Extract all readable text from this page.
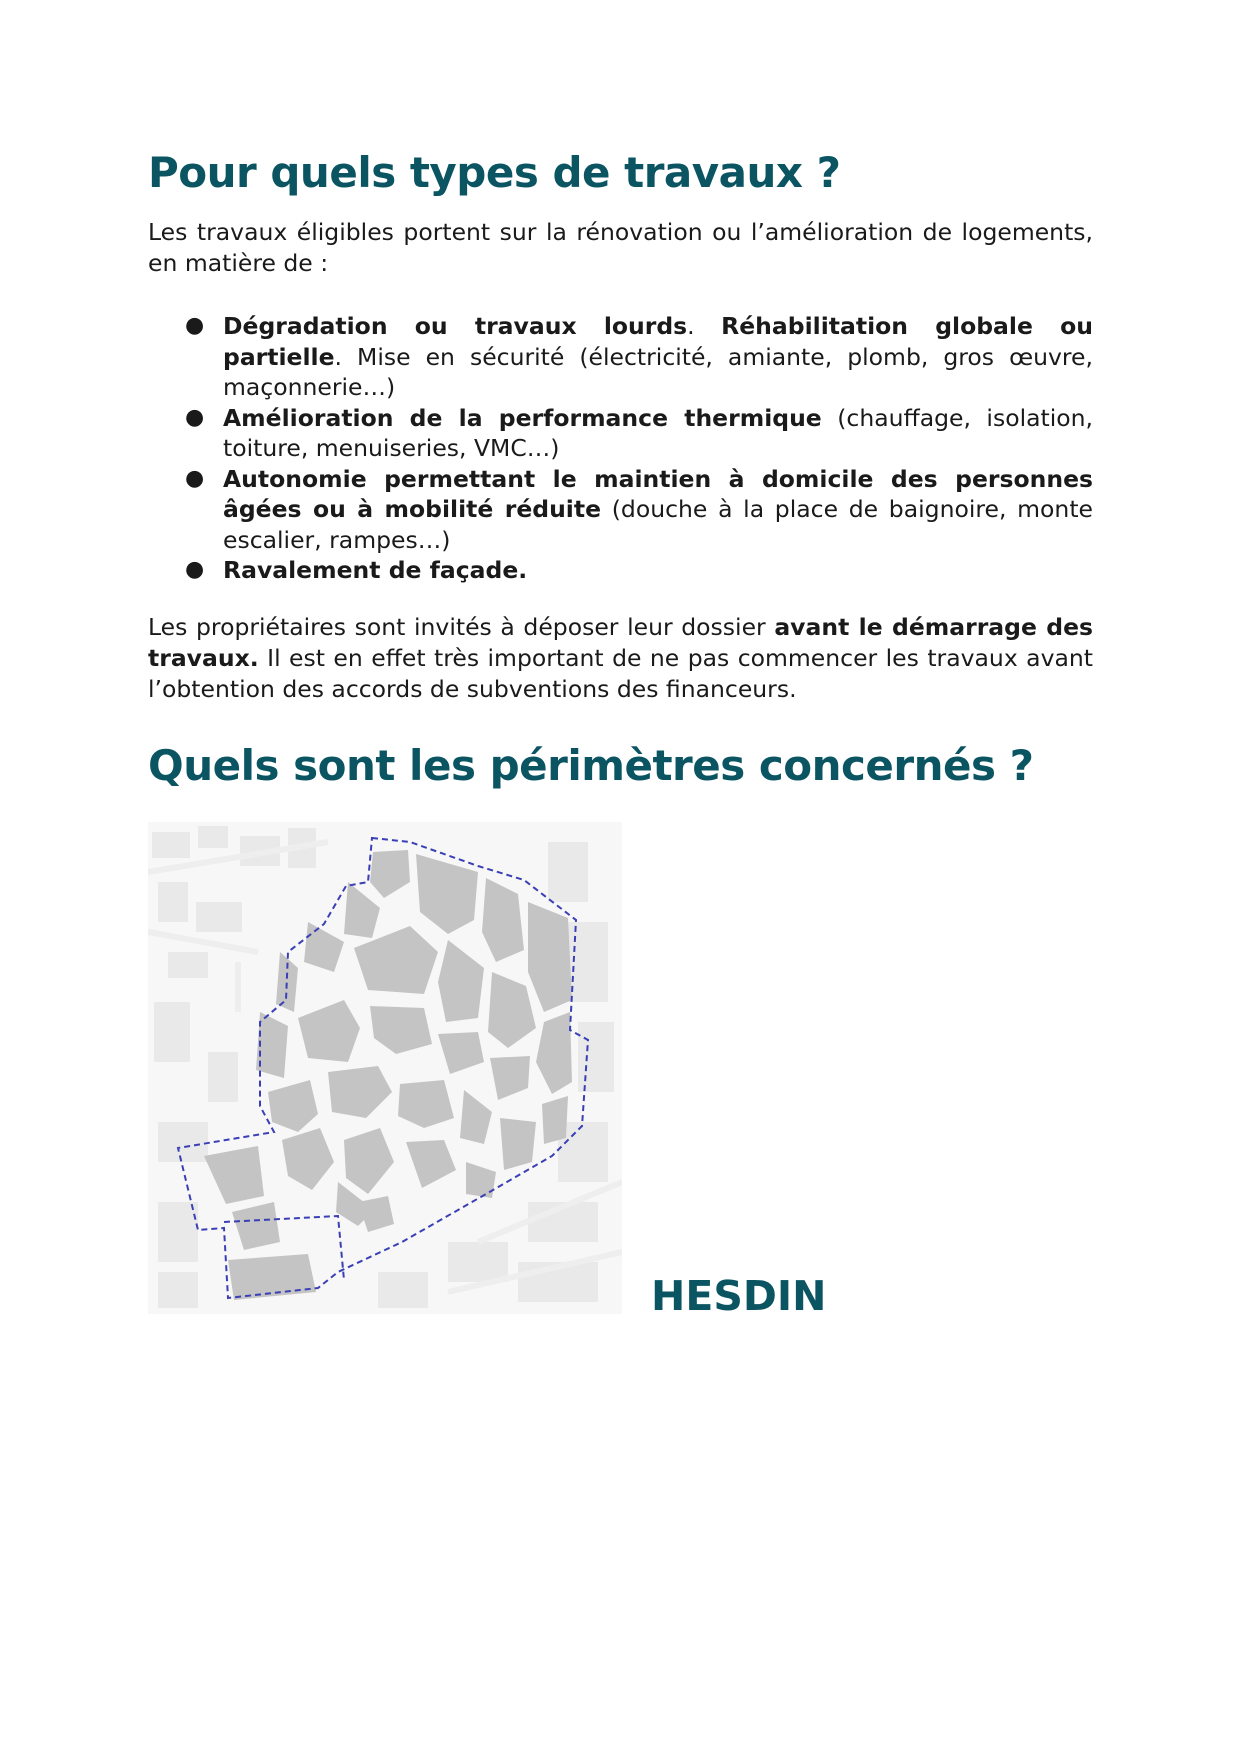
Pour quels types de travaux ?

Les travaux éligibles portent sur la rénovation ou l’amélioration de logements, en matière de :

● Dégradation ou travaux lourds. Réhabilitation globale ou partielle. Mise en sécurité (électricité, amiante, plomb, gros œuvre, maçonnerie…)
● Amélioration de la performance thermique (chauffage, isolation, toiture, menuiseries, VMC…)
● Autonomie permettant le maintien à domicile des personnes âgées ou à mobilité réduite (douche à la place de baignoire, monte escalier, rampes…)
● Ravalement de façade.

Les propriétaires sont invités à déposer leur dossier avant le démarrage des travaux. Il est en effet très important de ne pas commencer les travaux avant l’obtention des accords de subventions des financeurs.

Quels sont les périmètres concernés ?

HESDIN
